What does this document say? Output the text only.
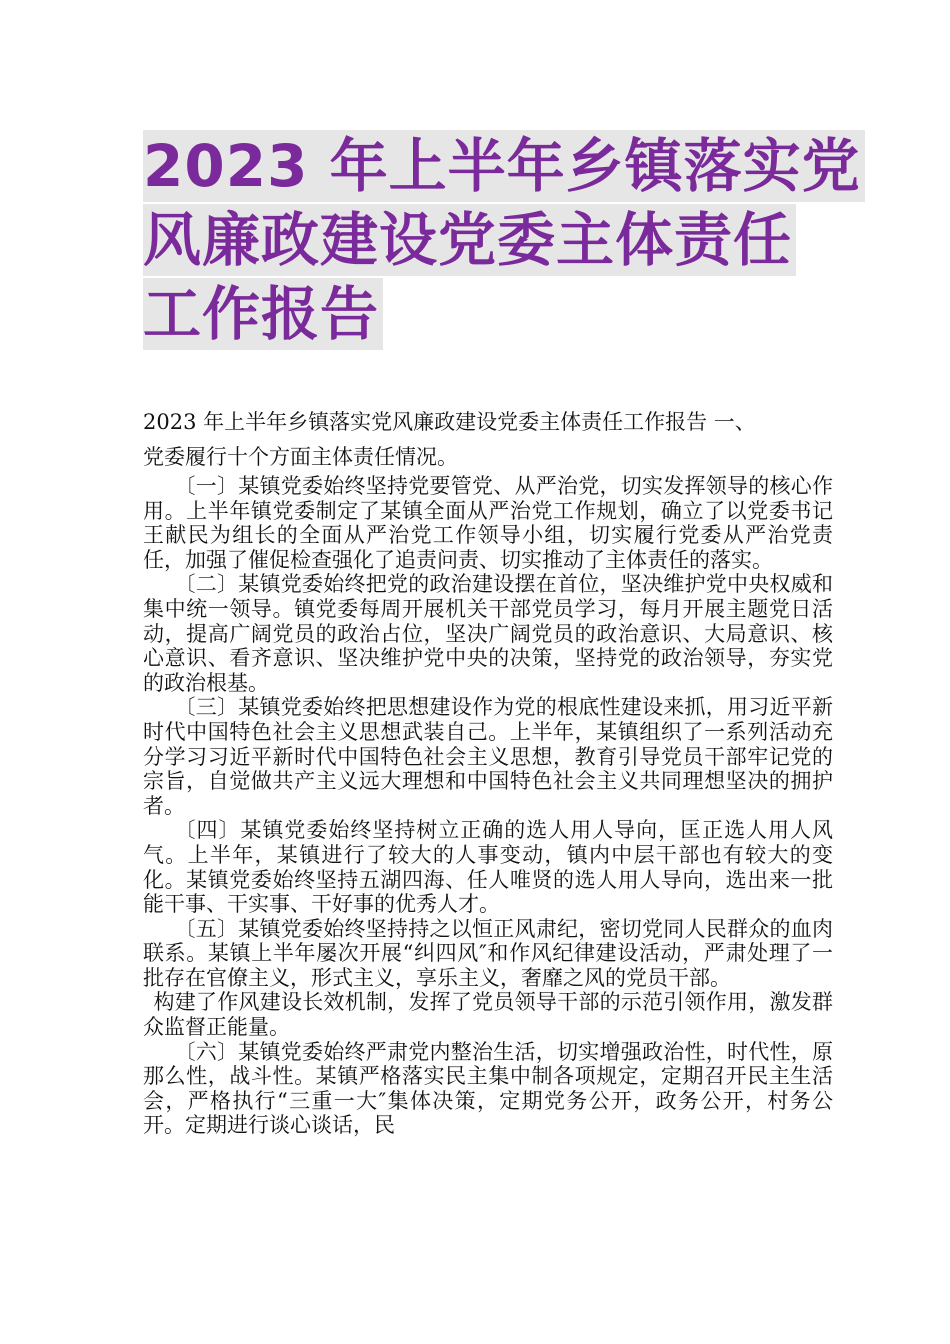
2023 年上半年乡镇落实党
风廉政建设党委主体责任
工作报告

2023 年上半年乡镇落实党风廉政建设党委主体责任工作报告 一、

党委履行十个方面主体责任情况。

〔一〕某镇党委始终坚持党要管党、从严治党，切实发挥领导的核心作用。上半年镇党委制定了某镇全面从严治党工作规划，确立了以党委书记王献民为组长的全面从严治党工作领导小组，切实履行党委从严治党责任，加强了催促检查强化了追责问责、切实推动了主体责任的落实。

〔二〕某镇党委始终把党的政治建设摆在首位，坚决维护党中央权威和集中统一领导。镇党委每周开展机关干部党员学习，每月开展主题党日活动，提高广阔党员的政治占位，坚决广阔党员的政治意识、大局意识、核心意识、看齐意识、坚决维护党中央的决策，坚持党的政治领导，夯实党的政治根基。

〔三〕某镇党委始终把思想建设作为党的根底性建设来抓，用习近平新时代中国特色社会主义思想武装自己。上半年，某镇组织了一系列活动充分学习习近平新时代中国特色社会主义思想，教育引导党员干部牢记党的宗旨，自觉做共产主义远大理想和中国特色社会主义共同理想坚决的拥护者。

〔四〕某镇党委始终坚持树立正确的选人用人导向，匡正选人用人风气。上半年，某镇进行了较大的人事变动，镇内中层干部也有较大的变化。某镇党委始终坚持五湖四海、任人唯贤的选人用人导向，选出来一批能干事、干实事、干好事的优秀人才。

〔五〕某镇党委始终坚持持之以恒正风肃纪，密切党同人民群众的血肉联系。某镇上半年屡次开展“纠四风″和作风纪律建设活动，严肃处理了一批存在官僚主义，形式主义，享乐主义，奢靡之风的党员干部。

构建了作风建设长效机制，发挥了党员领导干部的示范引领作用，激发群众监督正能量。

〔六〕某镇党委始终严肃党内整治生活，切实增强政治性，时代性，原那么性，战斗性。某镇严格落实民主集中制各项规定，定期召开民主生活会，严格执行“三重一大″集体决策，定期党务公开，政务公开，村务公开。定期进行谈心谈话，民
